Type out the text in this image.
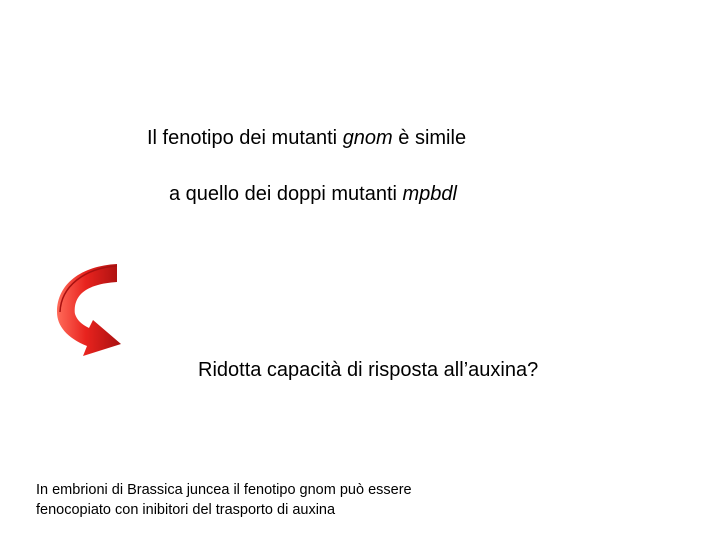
Il fenotipo dei mutanti gnom è simile
a quello dei doppi mutanti mpbdl
Ridotta capacità di risposta all’auxina?
In embrioni di Brassica juncea il fenotipo gnom può essere
fenocopiato con inibitori del trasporto di auxina
